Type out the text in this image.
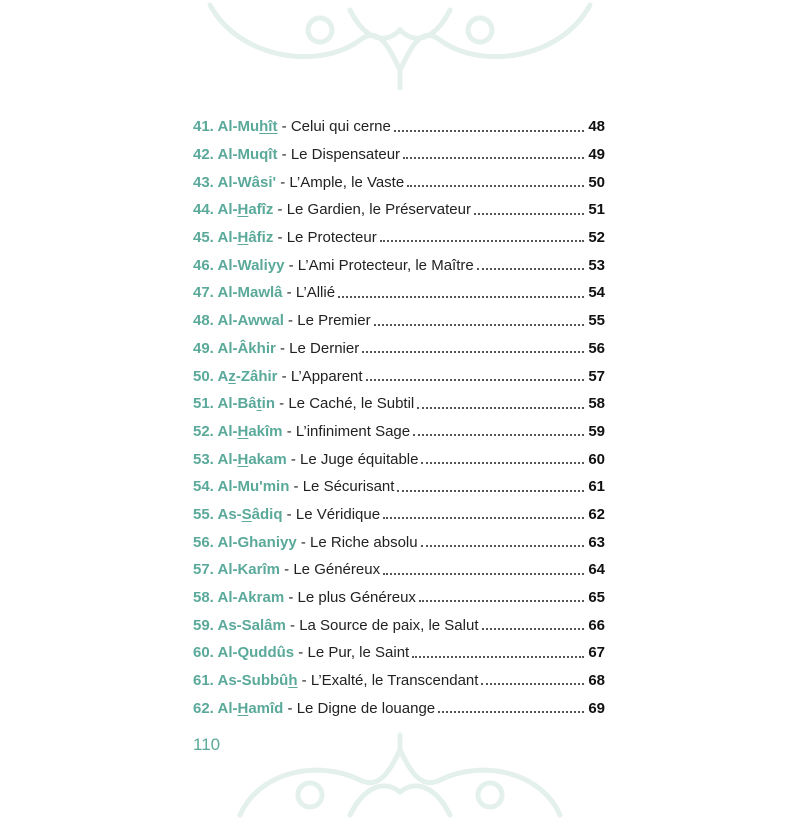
41. Al-Muhît - Celui qui cerne	48
42. Al-Muqît - Le Dispensateur	49
43. Al-Wâsi' - L’Ample, le Vaste	50
44. Al-Hafîz - Le Gardien, le Préservateur	51
45. Al-Hâfiz - Le Protecteur	52
46. Al-Waliyy - L’Ami Protecteur, le Maître	53
47. Al-Mawlâ - L’Allié	54
48. Al-Awwal - Le Premier	55
49. Al-Âkhir - Le Dernier	56
50. Az-Zâhir - L’Apparent	57
51. Al-Bâtin - Le Caché, le Subtil	58
52. Al-Hakîm - L’infiniment Sage	59
53. Al-Hakam - Le Juge équitable	60
54. Al-Mu'min - Le Sécurisant	61
55. As-Sâdiq - Le Véridique	62
56. Al-Ghaniyy - Le Riche absolu	63
57. Al-Karîm - Le Généreux	64
58. Al-Akram - Le plus Généreux	65
59. As-Salâm - La Source de paix, le Salut	66
60. Al-Quddûs - Le Pur, le Saint	67
61. As-Subbûh - L’Exalté, le Transcendant	68
62. Al-Hamîd - Le Digne de louange	69
110
